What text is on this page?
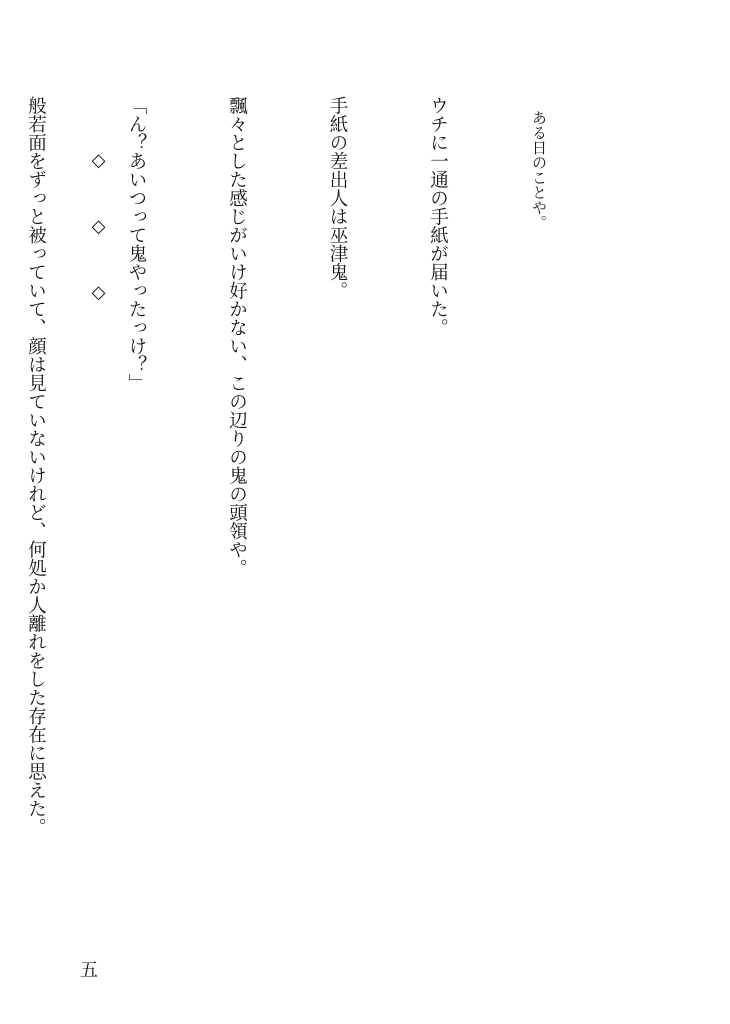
ある日のことや。

ウチに一通の手紙が届いた。

手紙の差出人は巫津鬼。

飄々とした感じがいけ好かない、この辺りの鬼の頭領や。

「ん？あいつって鬼やったっけ？」

般若面をずっと被っていて、顔は見ていないけれど、何処か人離れをした存在に思えた。

	◇◇◇
五
